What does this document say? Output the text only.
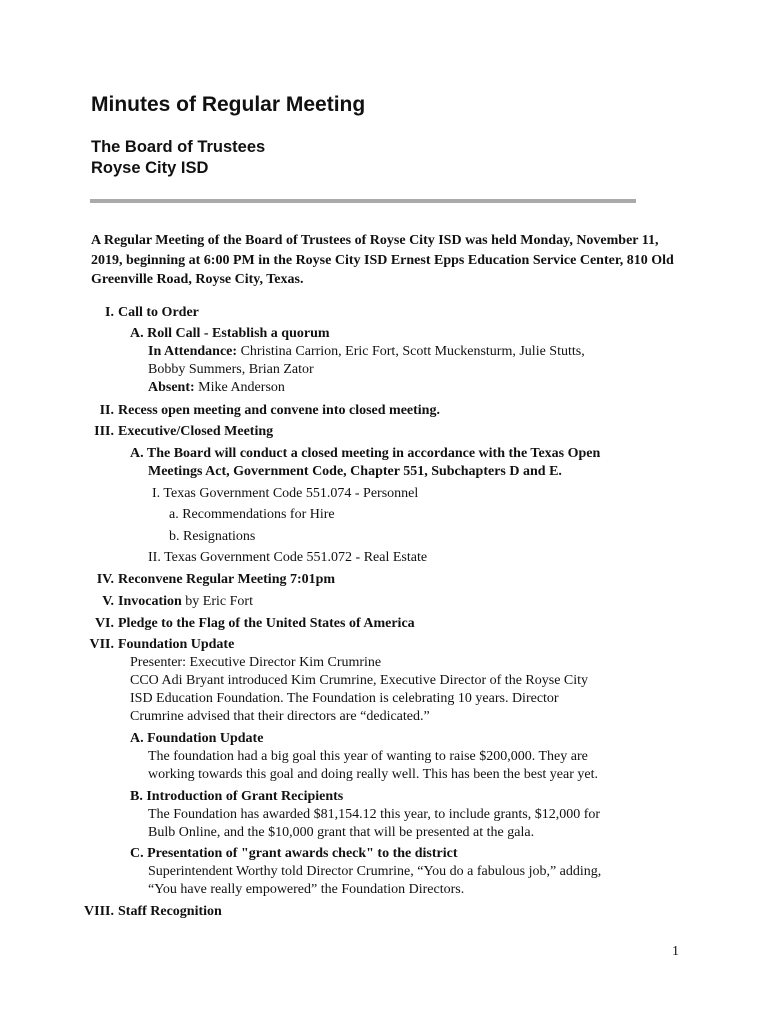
Minutes of Regular Meeting
The Board of Trustees
Royse City ISD
A Regular Meeting of the Board of Trustees of Royse City ISD was held Monday, November 11, 2019, beginning at 6:00 PM in the Royse City ISD Ernest Epps Education Service Center, 810 Old Greenville Road, Royse City, Texas.
I. Call to Order
A. Roll Call - Establish a quorum
In Attendance: Christina Carrion, Eric Fort, Scott Muckensturm, Julie Stutts,
Bobby Summers, Brian Zator
Absent: Mike Anderson
II. Recess open meeting and convene into closed meeting.
III. Executive/Closed Meeting
A. The Board will conduct a closed meeting in accordance with the Texas Open
Meetings Act, Government Code, Chapter 551, Subchapters D and E.
I. Texas Government Code 551.074 - Personnel
a. Recommendations for Hire
b. Resignations
II. Texas Government Code 551.072 - Real Estate
IV. Reconvene Regular Meeting 7:01pm
V. Invocation by Eric Fort
VI. Pledge to the Flag of the United States of America
VII. Foundation Update
Presenter: Executive Director Kim Crumrine
CCO Adi Bryant introduced Kim Crumrine, Executive Director of the Royse City
ISD Education Foundation. The Foundation is celebrating 10 years. Director
Crumrine advised that their directors are “dedicated.”
A. Foundation Update
The foundation had a big goal this year of wanting to raise $200,000. They are
working towards this goal and doing really well. This has been the best year yet.
B. Introduction of Grant Recipients
The Foundation has awarded $81,154.12 this year, to include grants, $12,000 for
Bulb Online, and the $10,000 grant that will be presented at the gala.
C. Presentation of "grant awards check" to the district
Superintendent Worthy told Director Crumrine, “You do a fabulous job,” adding,
“You have really empowered” the Foundation Directors.
VIII. Staff Recognition
1
